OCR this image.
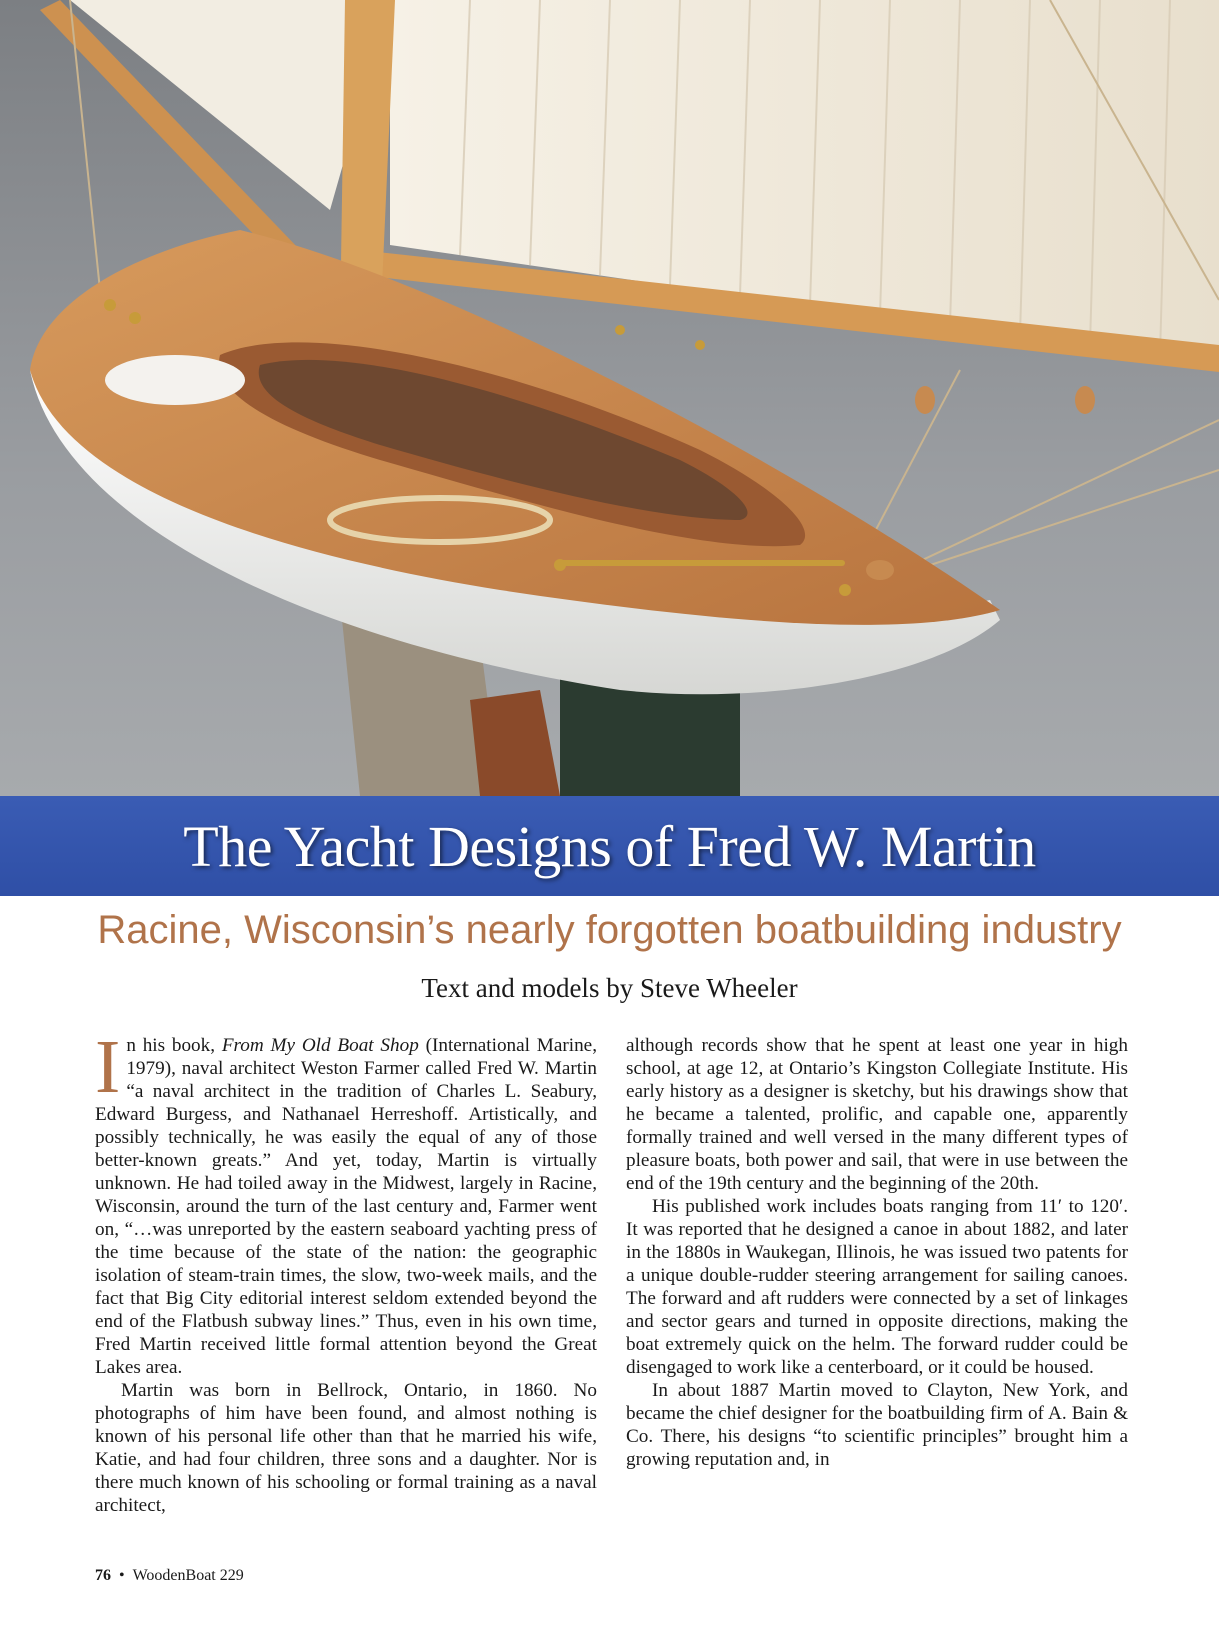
The Yacht Designs of Fred W. Martin
Racine, Wisconsin’s nearly forgotten boatbuilding industry
Text and models by Steve Wheeler

In his book, From My Old Boat Shop (International Marine, 1979), naval architect Weston Farmer called Fred W. Martin “a naval architect in the tradition of Charles L. Seabury, Edward Burgess, and Nathanael Herreshoff. Artistically, and possibly technically, he was easily the equal of any of those better-known greats.” And yet, today, Martin is virtually unknown. He had toiled away in the Midwest, largely in Racine, Wisconsin, around the turn of the last century and, Farmer went on, “…was unreported by the eastern seaboard yachting press of the time because of the state of the nation: the geographic isolation of steam-train times, the slow, two-week mails, and the fact that Big City editorial interest seldom extended beyond the end of the Flatbush subway lines.” Thus, even in his own time, Fred Martin received little formal attention beyond the Great Lakes area.

Martin was born in Bellrock, Ontario, in 1860. No photographs of him have been found, and almost nothing is known of his personal life other than that he married his wife, Katie, and had four children, three sons and a daughter. Nor is there much known of his schooling or formal training as a naval architect,

although records show that he spent at least one year in high school, at age 12, at Ontario’s Kingston Collegiate Institute. His early history as a designer is sketchy, but his drawings show that he became a talented, prolific, and capable one, apparently formally trained and well versed in the many different types of pleasure boats, both power and sail, that were in use between the end of the 19th century and the beginning of the 20th.

His published work includes boats ranging from 11′ to 120′. It was reported that he designed a canoe in about 1882, and later in the 1880s in Waukegan, Illinois, he was issued two patents for a unique double-rudder steering arrangement for sailing canoes. The forward and aft rudders were connected by a set of linkages and sector gears and turned in opposite directions, making the boat extremely quick on the helm. The forward rudder could be disengaged to work like a centerboard, or it could be housed.

In about 1887 Martin moved to Clayton, New York, and became the chief designer for the boatbuilding firm of A. Bain & Co. There, his designs “to scientific principles” brought him a growing reputation and, in

76 • WoodenBoat 229
